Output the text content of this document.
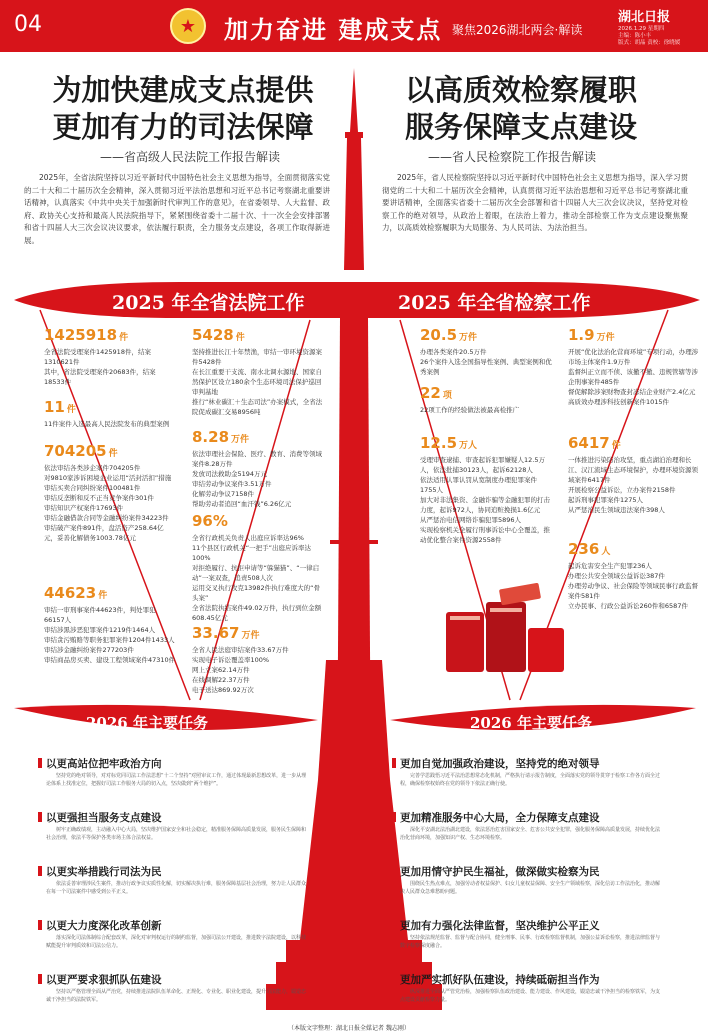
04	★	加力奋进 建成支点 聚焦2026湖北两会·解读
湖北日报
2026.1.29 星期四
主编：陈小丰
版式：胡晶 责校：徐晓媛
为加快建成支点提供
更加有力的司法保障
——省高级人民法院工作报告解读
2025年，全省法院坚持以习近平新时代中国特色社会主义思想为指导，全面贯彻落实党的二十大和二十届历次全会精神，深入贯彻习近平法治思想和习近平总书记考察湖北重要讲话精神，认真落实《中共中央关于加强新时代审判工作的意见》，在省委领导、人大监督、政府、政协关心支持和最高人民法院指导下，紧紧围绕省委十二届十次、十一次全会安排部署和省十四届人大三次会议决议要求，依法履行职责，全力服务支点建设，各项工作取得新进展。
以高质效检察履职
服务保障支点建设
——省人民检察院工作报告解读
2025年，省人民检察院坚持以习近平新时代中国特色社会主义思想为指导，深入学习贯彻党的二十大和二十届历次全会精神，认真贯彻习近平法治思想和习近平总书记考察湖北重要讲话精神，全面落实省委十二届历次全会部署和省十四届人大三次会议决议，坚持党对检察工作的绝对领导，从政治上着眼，在法治上着力，推动全部检察工作为支点建设聚焦聚力，以高质效检察履职为大局服务、为人民司法、为法治担当。
2025 年全省法院工作	2025 年全省检察工作
1425918 件
全省法院受理案件1425918件，结案1310621件
其中，省法院受理案件20683件，结案18533件
11 件
11件案件入选最高人民法院发布的典型案例
704205 件
依法审结各类涉企案件704205件
对9810家涉诉困境企业运用“活封活扣”措施
审结买卖合同纠纷案件100481件
审结反垄断和反不正当竞争案件301件
审结知识产权案件17693件
审结金融借款合同等金融纠纷案件34223件
审结破产案件891件，盘活资产258.64亿元，妥善化解债务1003.78亿元
44623 件
审结一审刑事案件44623件，判处罪犯66157人
审结涉黑涉恶犯罪案件1219件1464人
审结贪污贿赂等职务犯罪案件1204件1433人
审结涉金融纠纷案件277203件
审结商品房买卖、建设工程领域案件47310件
5428 件
坚持推进长江十年禁渔，审结一审环境资源案件5428件
在长江重要干支流、南水北调水源地、国家自然保护区设立180余个生态环境司法保护巡回审判基地
推行“林业碳汇＋生态司法”办案模式，全省法院促成碳汇交易8956吨
8.28 万件
依法审理社会保险、医疗、教育、消费等领域案件8.28万件
发放司法救助金5194万元
审结劳动争议案件3.51万件
化解劳动争议7158件
帮助劳动者追回“血汗钱”6.26亿元
96%
全省行政机关负责人出庭应诉率达96%
11个县区行政机关“一把手”出庭应诉率达100%
对拒绝履行、抗拒申请等“躲猫猫”、“一律启动”一案双查，追责508人次
运用交叉执行攻克13982件执行难度大的“骨头案”
全省法院执结案件49.02万件，执行到位金额608.45亿元
33.67 万件
全省人民法庭审结案件33.67万件
实现电子诉讼覆盖率100%
网上立案62.14万件
在线调解22.37万件
电子送达869.92万次
20.5 万件
办理各类案件20.5万件
26个案件入选全国指导性案例、典型案例和优秀案例
22 项
22项工作的经验做法被最高检推广
12.5 万人
受理审查逮捕、审查起诉犯罪嫌疑人12.5万人，依法批捕30123人，起诉62128人
依法适用认罪认罚从宽制度办理犯罪案件1755人
加大对非法集资、金融诈骗等金融犯罪的打击力度，起诉972人，协同追赃挽损1.6亿元
从严惩治电信网络诈骗犯罪5896人
实现检察机关全履行刑事诉讼中心全覆盖，推动优化整合案件资源2558件
1.9 万件
开展“优化法治化营商环境”专项行动，办理涉市场主体案件1.9万件
监督纠正立而不侦、该撤不撤、违规管辖等涉企刑事案件485件
督促解除涉案财物查封冻结企业财产2.4亿元
高质效办理涉科技创新案件1015件
6417 件
一体推进污染防治攻坚，重点湖泊治理和长江、汉江流域生态环境保护，办理环境资源领域案件6417件
开展检察公益诉讼，立办案件2158件
起诉刑事犯罪案件1275人
从严惩治民生领域违法案件398人
236 人
起诉危害安全生产犯罪236人
办理公共安全领域公益诉讼387件
办理劳动争议、社会保险等领域民事行政监督案件581件
立办民事、行政公益诉讼260件和6587件
2026 年主要任务	2026 年主要任务
以更高站位把牢政治方向
坚持党的绝对领导，对对标党同司法工作法思想“十二个坚持”对照审议工作，通过体现最新思想改革，进一步从理论体系上找准定位，把握好司法工作服务大局的切入点，坚决做到“两个维护”。
以更强担当服务支点建设
树牢正确政绩观，主动融入中心大局，坚决维护国家安全和社会稳定，精准服务保障高质量发展，服务民生保障和社会治理，依法平等保护各类市场主体合法权益。
以更实举措践行司法为民
依法妥善审理涉民生案件，推动行政争议实质性化解，切实解决执行难，服务保障基层社会治理，努力让人民群众在每一个司法案件中感受到公平正义。
以更大力度深化改革创新
落实深化司法体制综合配套改革，深化对审判权运行的制约监督，加强司法公开建设，推进数字法院建设，以科技赋能提升审判质效和司法公信力。
以更严要求狠抓队伍建设
坚持以严格管理全面从严治党，持续推进法院队伍革命化、正规化、专业化、职业化建设，提升司法能力，锻造忠诚干净担当的法院铁军。
更加自觉加强政治建设，坚持党的绝对领导
完善学思践悟习近平法治思想常态化机制，严格执行请示报告制度，全面落实党的领导贯穿于检察工作各方面全过程，确保检察权始终在党的领导下依法正确行使。
更加精准服务中心大局，全力保障支点建设
深化平安湖北法治湖北建设，依法惩治危害国家安全、危害公共安全犯罪，强化服务保障高质量发展，持续优化法治化营商环境，加强知识产权、生态环境检察。
更加用情守护民生福祉，做深做实检察为民
围绕民生热点难点，加强劳动者权益保护、妇女儿童权益保障、安全生产领域检察，深化信访工作法治化，推动解决人民群众急难愁盼问题。
更加有力强化法律监督，坚决维护公平正义
坚持依法规范监督、监督与配合协同，健全刑事、民事、行政检察监督机制，加强公益诉讼检察，推进法律监督与数字检察深度融合。
更加严实抓好队伍建设，持续砥砺担当作为
纵深推进全面从严管党治检，加强检察队伍政治建设、能力建设、作风建设，锻造忠诚干净担当的检察铁军，为支点建设贡献检察力量。
（本版文字整理：湖北日报全媒记者 魏志刚）
